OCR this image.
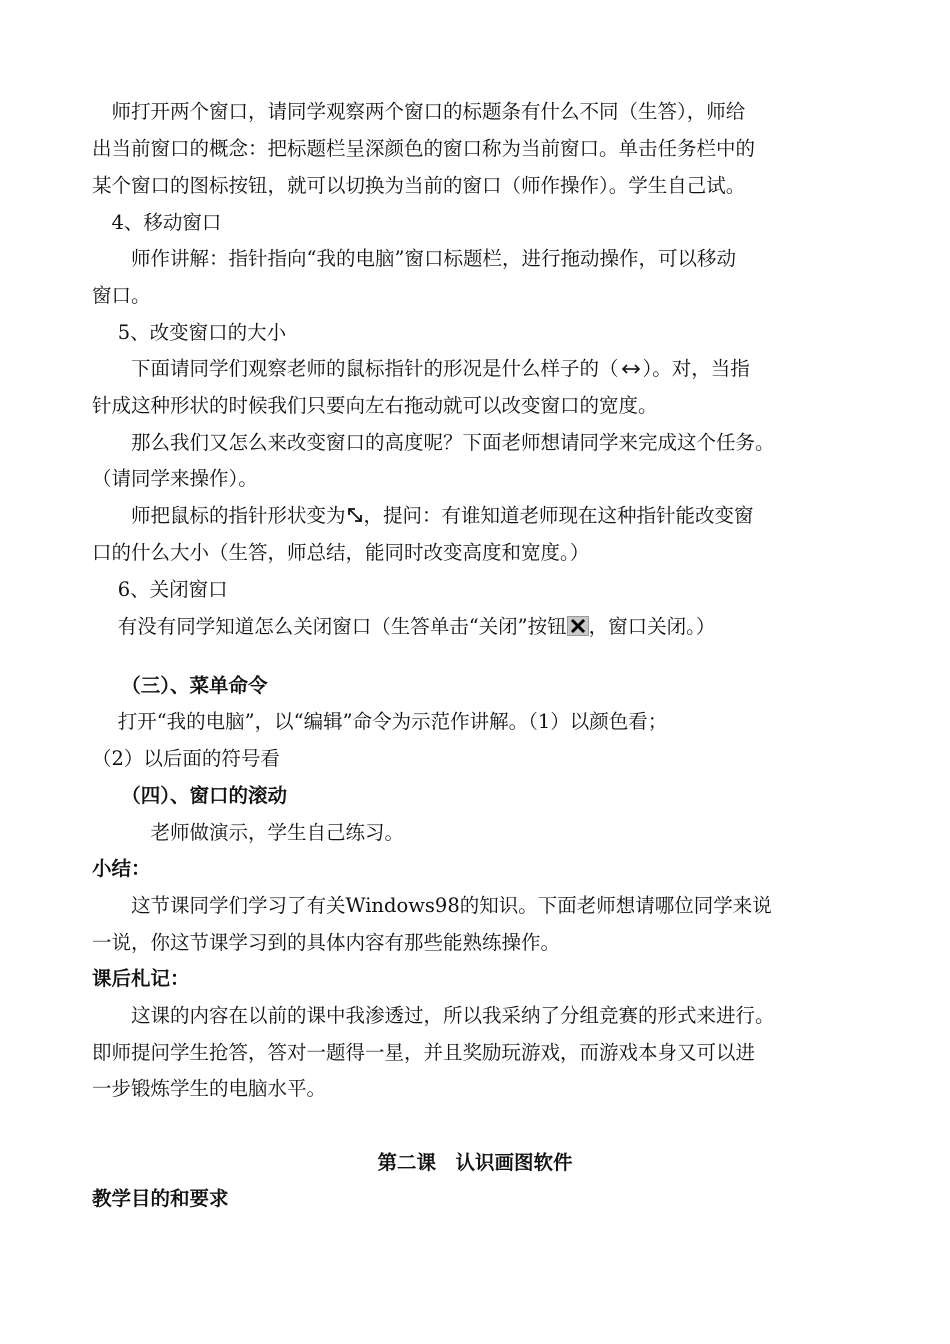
　师打开两个窗口，请同学观察两个窗口的标题条有什么不同（生答），师给
出当前窗口的概念：把标题栏呈深颜色的窗口称为当前窗口。单击任务栏中的
某个窗口的图标按钮，就可以切换为当前的窗口（师作操作）。学生自己试。
　4、移动窗口
　　师作讲解：指针指向“我的电脑”窗口标题栏，进行拖动操作，可以移动
窗口。
　 5、改变窗口的大小
　　下面请同学们观察老师的鼠标指针的形况是什么样子的（ ）。对，当指
针成这种形状的时候我们只要向左右拖动就可以改变窗口的宽度。
　　那么我们又怎么来改变窗口的高度呢？下面老师想请同学来完成这个任务。
（请同学来操作）。
　　师把鼠标的指针形状变为 ，提问：有谁知道老师现在这种指针能改变窗
口的什么大小（生答，师总结，能同时改变高度和宽度。）
　 6、关闭窗口
　 有没有同学知道怎么关闭窗口（生答单击“关闭”按钮 ，窗口关闭。）
　　（三）、菜单命令
　 打开“我的电脑”，以“编辑”命令为示范作讲解。（1）以颜色看；
（2）以后面的符号看
　　（四）、窗口的滚动
　　　老师做演示，学生自己练习。
小结：
　　这节课同学们学习了有关Windows98的知识。下面老师想请哪位同学来说
一说，你这节课学习到的具体内容有那些能熟练操作。
课后札记：
　　这课的内容在以前的课中我渗透过，所以我采纳了分组竞赛的形式来进行。
即师提问学生抢答，答对一题得一星，并且奖励玩游戏，而游戏本身又可以进
一步锻炼学生的电脑水平。
第二课　认识画图软件
教学目的和要求
